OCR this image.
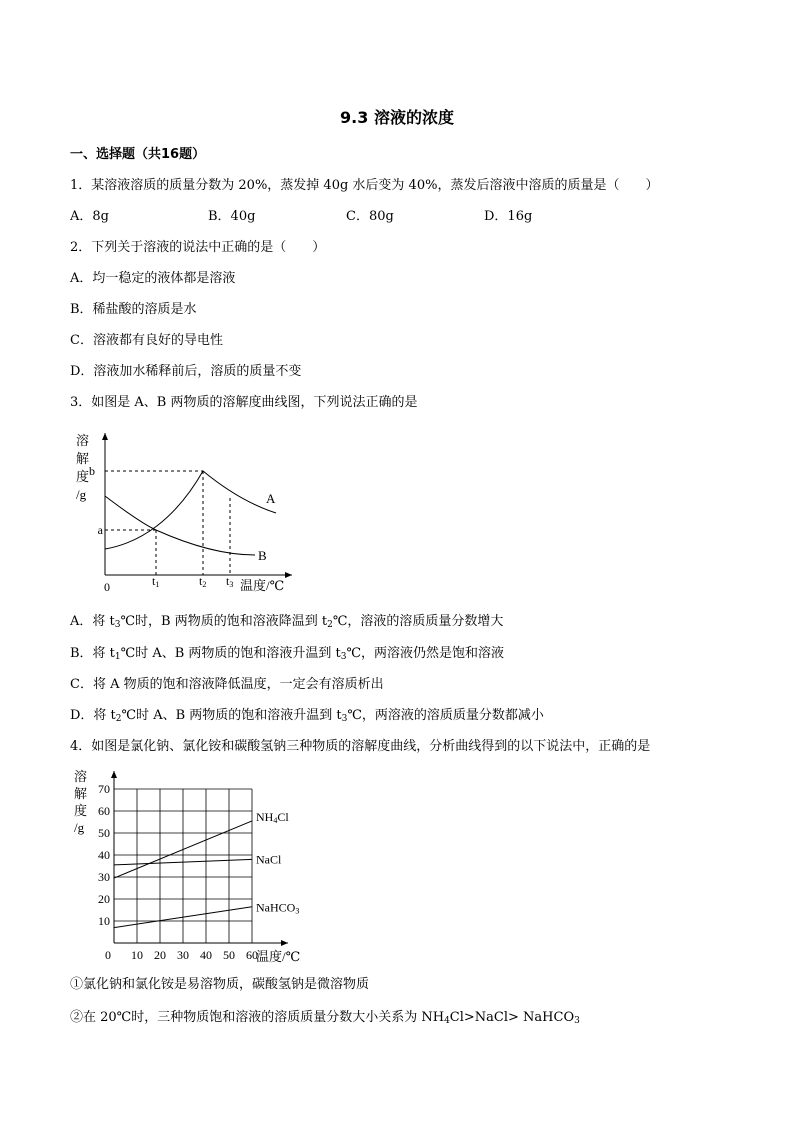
9.3 溶液的浓度
一、选择题（共16题）
1．某溶液溶质的质量分数为 20%，蒸发掉 40g 水后变为 40%，蒸发后溶液中溶质的质量是（　　）
A．8g	B．40g	C．80g	D．16g
2．下列关于溶液的说法中正确的是（　　）
A．均一稳定的液体都是溶液
B．稀盐酸的溶质是水
C．溶液都有良好的导电性
D．溶液加水稀释前后，溶质的质量不变
3．如图是 A、B 两物质的溶解度曲线图，下列说法正确的是
溶
解
度
/g
b
a
0	t1	t2 t3 温度/℃
A
B
A．将 $t_3℃$时，B 两物质的饱和溶液降温到 $t_2℃$，溶液的溶质质量分数增大
B．将 $t_1℃$时 A、B 两物质的饱和溶液升温到 $t_3℃$，两溶液仍然是饱和溶液
C．将 A 物质的饱和溶液降低温度，一定会有溶质析出
D．将 $t_2℃$时 A、B 两物质的饱和溶液升温到 $t_3℃$，两溶液的溶质质量分数都减小
4．如图是氯化钠、氯化铵和碳酸氢钠三种物质的溶解度曲线，分析曲线得到的以下说法中，正确的是
溶
解
度
/g
10
20
30
40
50
60
70
0 10 20 30 40 50 60
NH4Cl
NaCl
NaHCO3
温度/℃
①氯化钠和氯化铵是易溶物质，碳酸氢钠是微溶物质
②在 20℃时，三种物质饱和溶液的溶质质量分数大小关系为 $NH_4Cl>NaCl>$ NaHCO$_3$
